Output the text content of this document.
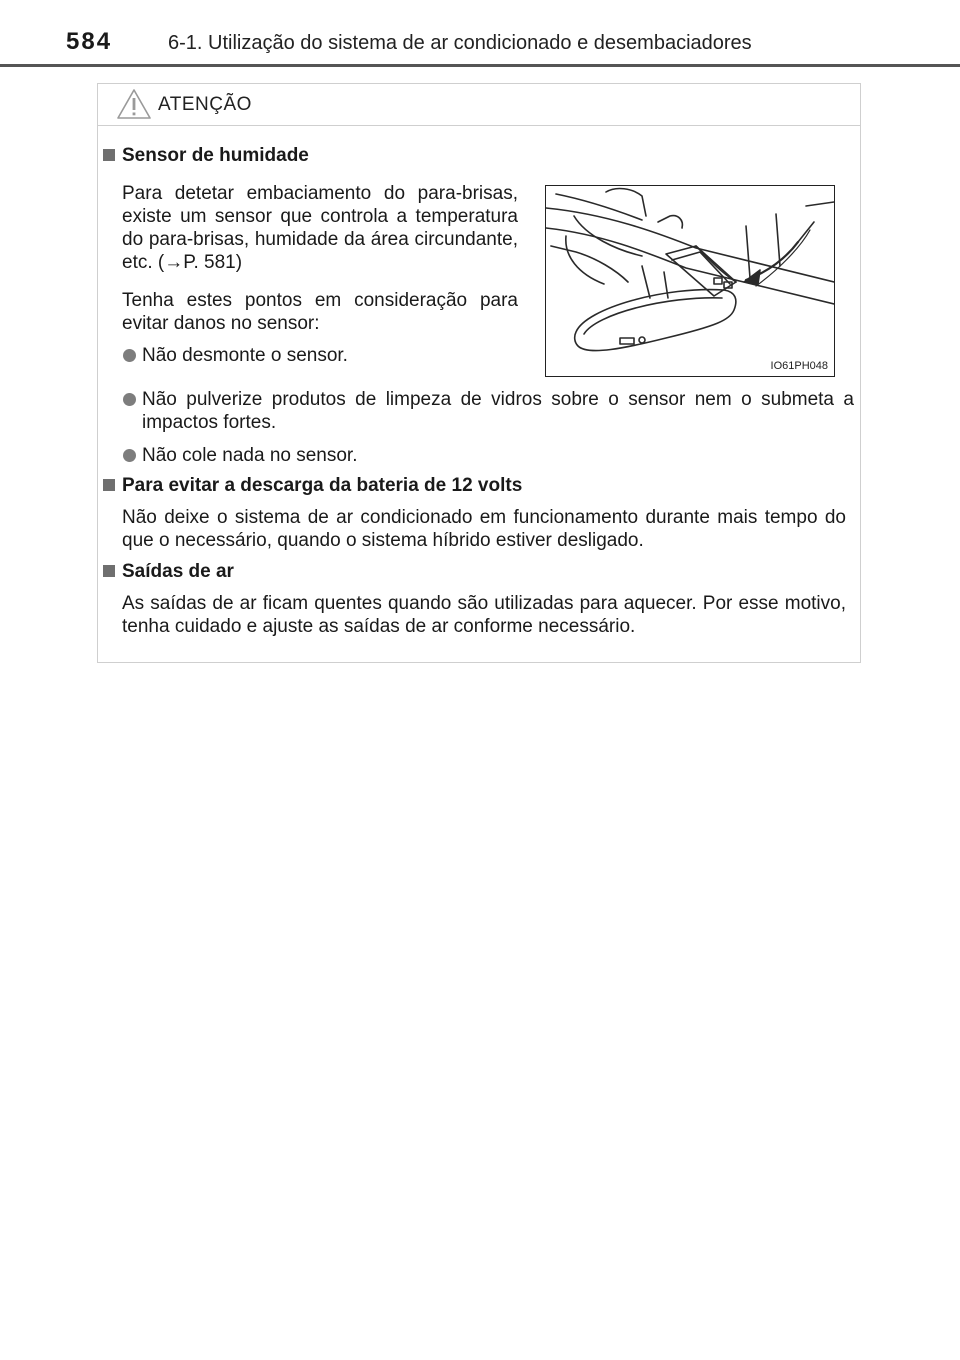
584	6-1. Utilização do sistema de ar condicionado e desembaciadores
ATENÇÃO
Sensor de humidade
Para detetar embaciamento do para-brisas, existe um sensor que controla a temperatura do para-brisas, humidade da área circundante, etc. (→P. 581)
Tenha estes pontos em consideração para evitar danos no sensor:
Não desmonte o sensor.
Não pulverize produtos de limpeza de vidros sobre o sensor nem o submeta a impactos fortes.
Não cole nada no sensor.
IO61PH048
Para evitar a descarga da bateria de 12 volts
Não deixe o sistema de ar condicionado em funcionamento durante mais tempo do que o necessário, quando o sistema híbrido estiver desligado.
Saídas de ar
As saídas de ar ficam quentes quando são utilizadas para aquecer. Por esse motivo, tenha cuidado e ajuste as saídas de ar conforme necessário.
